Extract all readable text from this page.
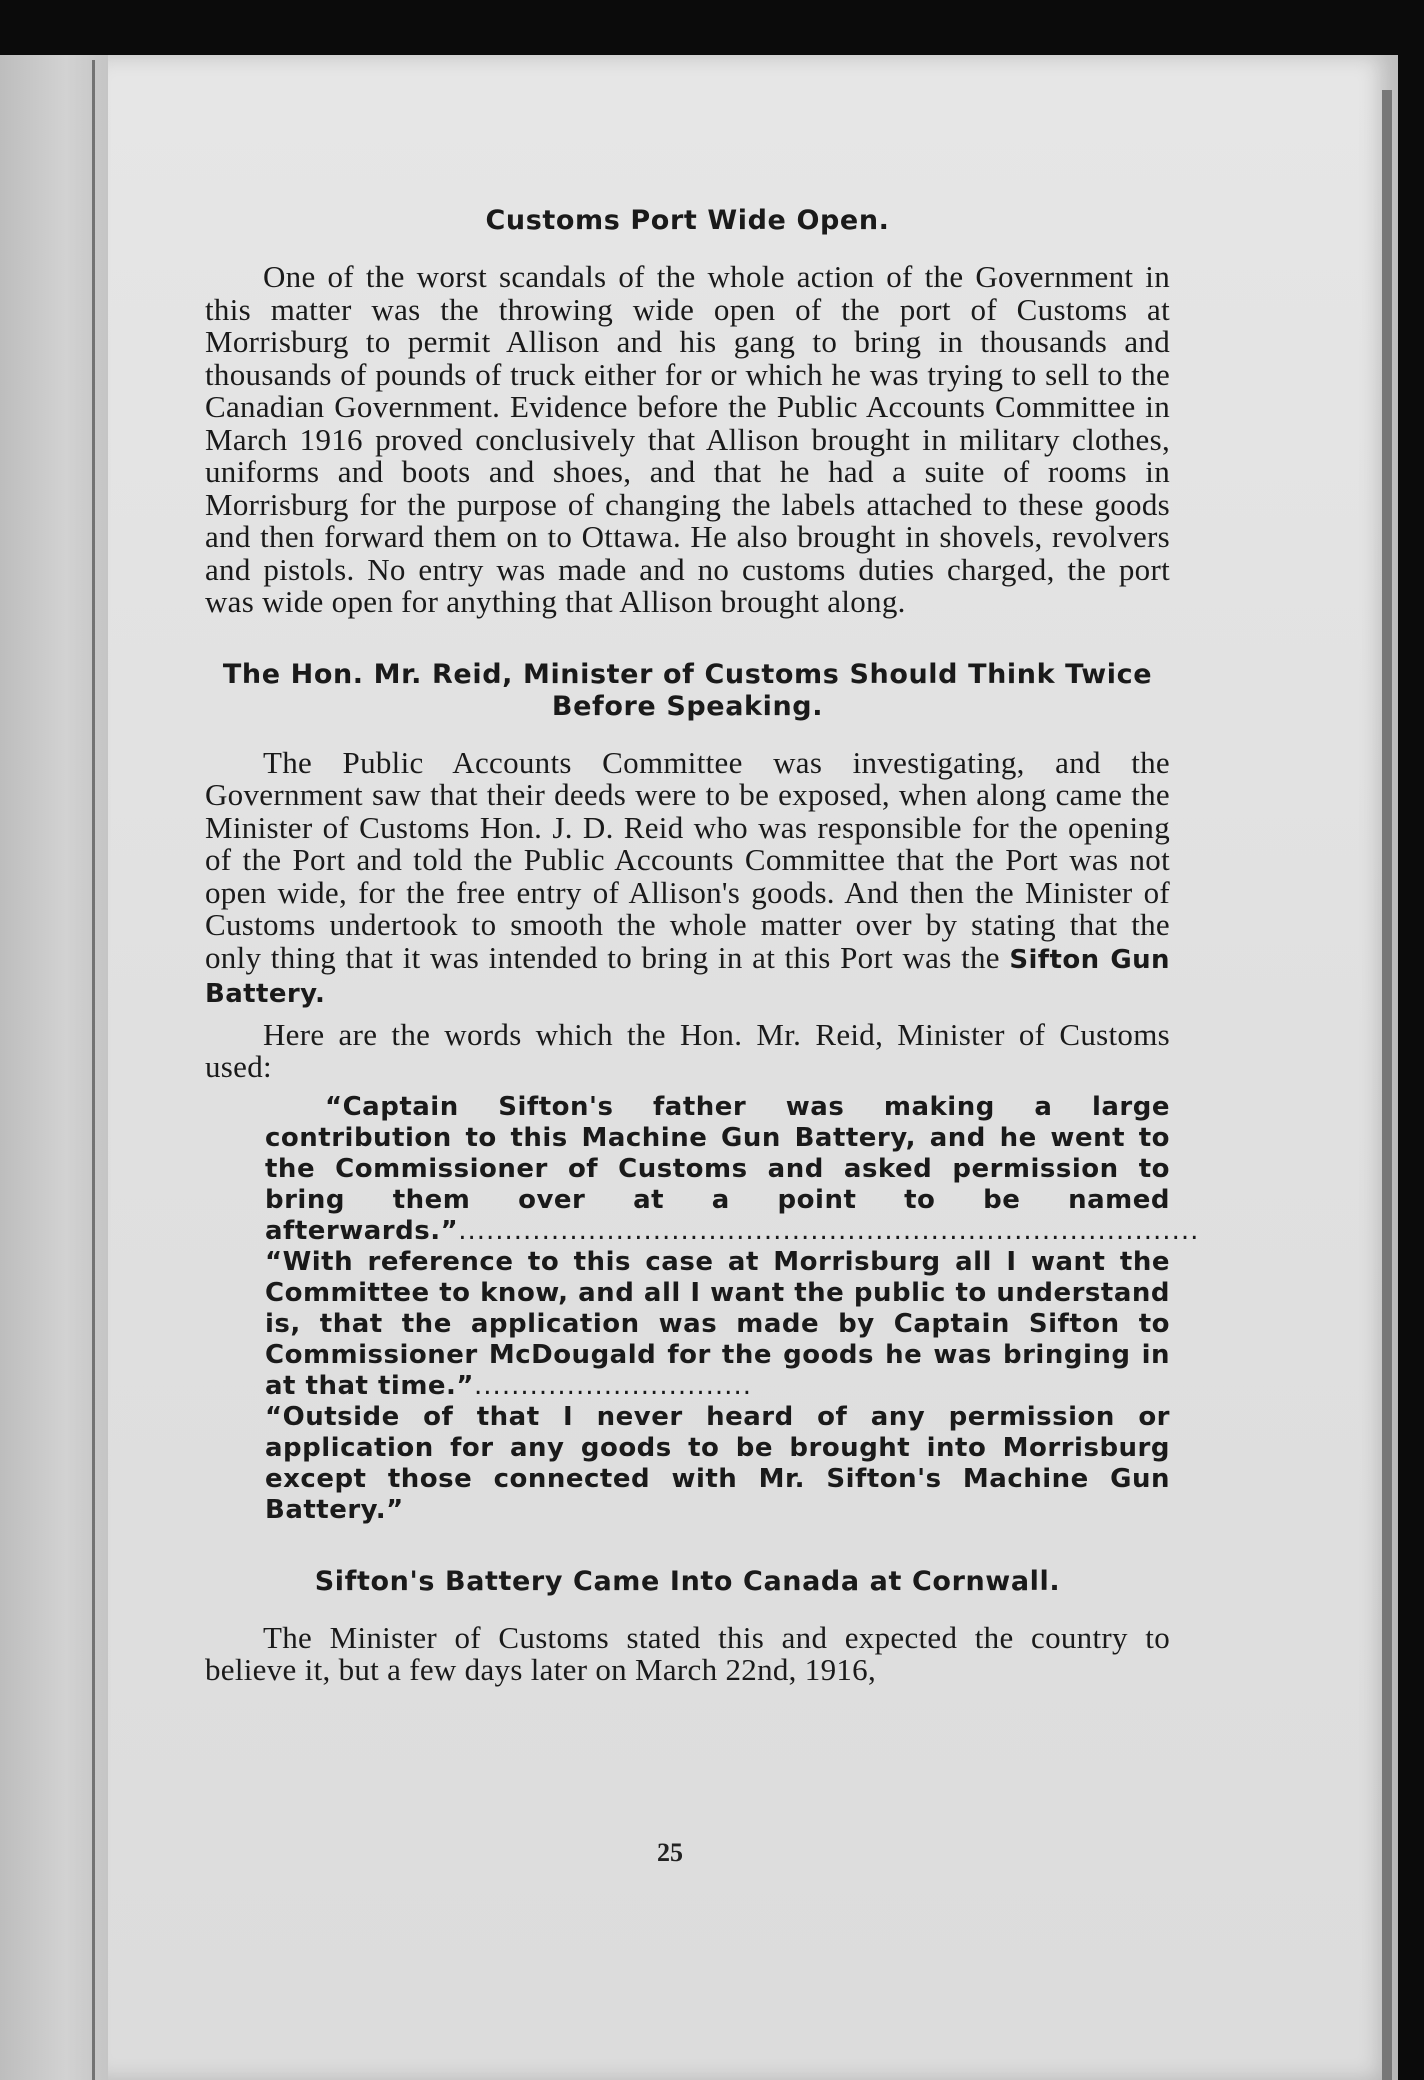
Customs Port Wide Open.

One of the worst scandals of the whole action of the Government in this matter was the throwing wide open of the port of Customs at Morrisburg to permit Allison and his gang to bring in thousands and thousands of pounds of truck either for or which he was trying to sell to the Canadian Government. Evidence before the Public Accounts Committee in March 1916 proved conclusively that Allison brought in military clothes, uniforms and boots and shoes, and that he had a suite of rooms in Morrisburg for the purpose of changing the labels attached to these goods and then forward them on to Ottawa. He also brought in shovels, revolvers and pistols. No entry was made and no customs duties charged, the port was wide open for anything that Allison brought along.

The Hon. Mr. Reid, Minister of Customs Should Think Twice Before Speaking.

The Public Accounts Committee was investigating, and the Government saw that their deeds were to be exposed, when along came the Minister of Customs Hon. J. D. Reid who was responsible for the opening of the Port and told the Public Accounts Committee that the Port was not open wide, for the free entry of Allison's goods. And then the Minister of Customs undertook to smooth the whole matter over by stating that the only thing that it was intended to bring in at this Port was the Sifton Gun Battery.

Here are the words which the Hon. Mr. Reid, Minister of Customs used:

“Captain Sifton's father was making a large contribution to this Machine Gun Battery, and he went to the Commissioner of Customs and asked permission to bring them over at a point to be named afterwards.”................................................................................

“With reference to this case at Morrisburg all I want the Committee to know, and all I want the public to understand is, that the application was made by Captain Sifton to Commissioner McDougald for the goods he was bringing in at that time.”..............................

“Outside of that I never heard of any permission or application for any goods to be brought into Morrisburg except those connected with Mr. Sifton's Machine Gun Battery.”

Sifton's Battery Came Into Canada at Cornwall.

The Minister of Customs stated this and expected the country to believe it, but a few days later on March 22nd, 1916,

25
